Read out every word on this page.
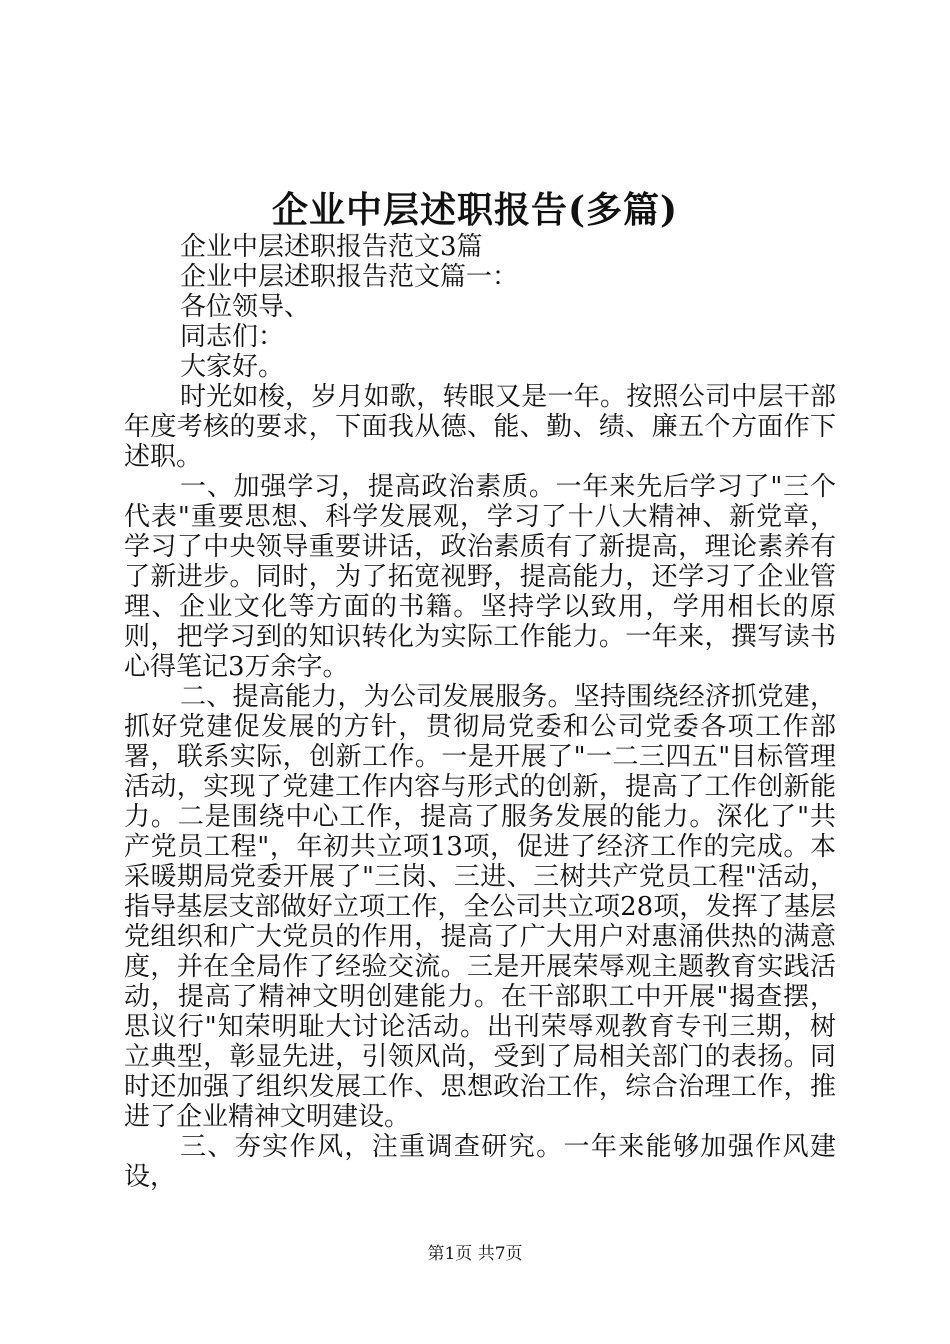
企业中层述职报告(多篇)

企业中层述职报告范文3篇

企业中层述职报告范文篇一：

各位领导、

同志们：

大家好。

时光如梭，岁月如歌，转眼又是一年。按照公司中层干部年度考核的要求，下面我从德、能、勤、绩、廉五个方面作下述职。

一、加强学习，提高政治素质。一年来先后学习了"三个代表"重要思想、科学发展观，学习了十八大精神、新党章，学习了中央领导重要讲话，政治素质有了新提高，理论素养有了新进步。同时，为了拓宽视野，提高能力，还学习了企业管理、企业文化等方面的书籍。坚持学以致用，学用相长的原则，把学习到的知识转化为实际工作能力。一年来，撰写读书心得笔记3万余字。

二、提高能力，为公司发展服务。坚持围绕经济抓党建，抓好党建促发展的方针，贯彻局党委和公司党委各项工作部署，联系实际，创新工作。一是开展了"一二三四五"目标管理活动，实现了党建工作内容与形式的创新，提高了工作创新能力。二是围绕中心工作，提高了服务发展的能力。深化了"共产党员工程"，年初共立项13项，促进了经济工作的完成。本采暖期局党委开展了"三岗、三进、三树共产党员工程"活动，指导基层支部做好立项工作，全公司共立项28项，发挥了基层党组织和广大党员的作用，提高了广大用户对惠涌供热的满意度，并在全局作了经验交流。三是开展荣辱观主题教育实践活动，提高了精神文明创建能力。在干部职工中开展"揭查摆，思议行"知荣明耻大讨论活动。出刊荣辱观教育专刊三期，树立典型，彰显先进，引领风尚，受到了局相关部门的表扬。同时还加强了组织发展工作、思想政治工作，综合治理工作，推进了企业精神文明建设。

三、夯实作风，注重调查研究。一年来能够加强作风建设，

第1页 共7页
